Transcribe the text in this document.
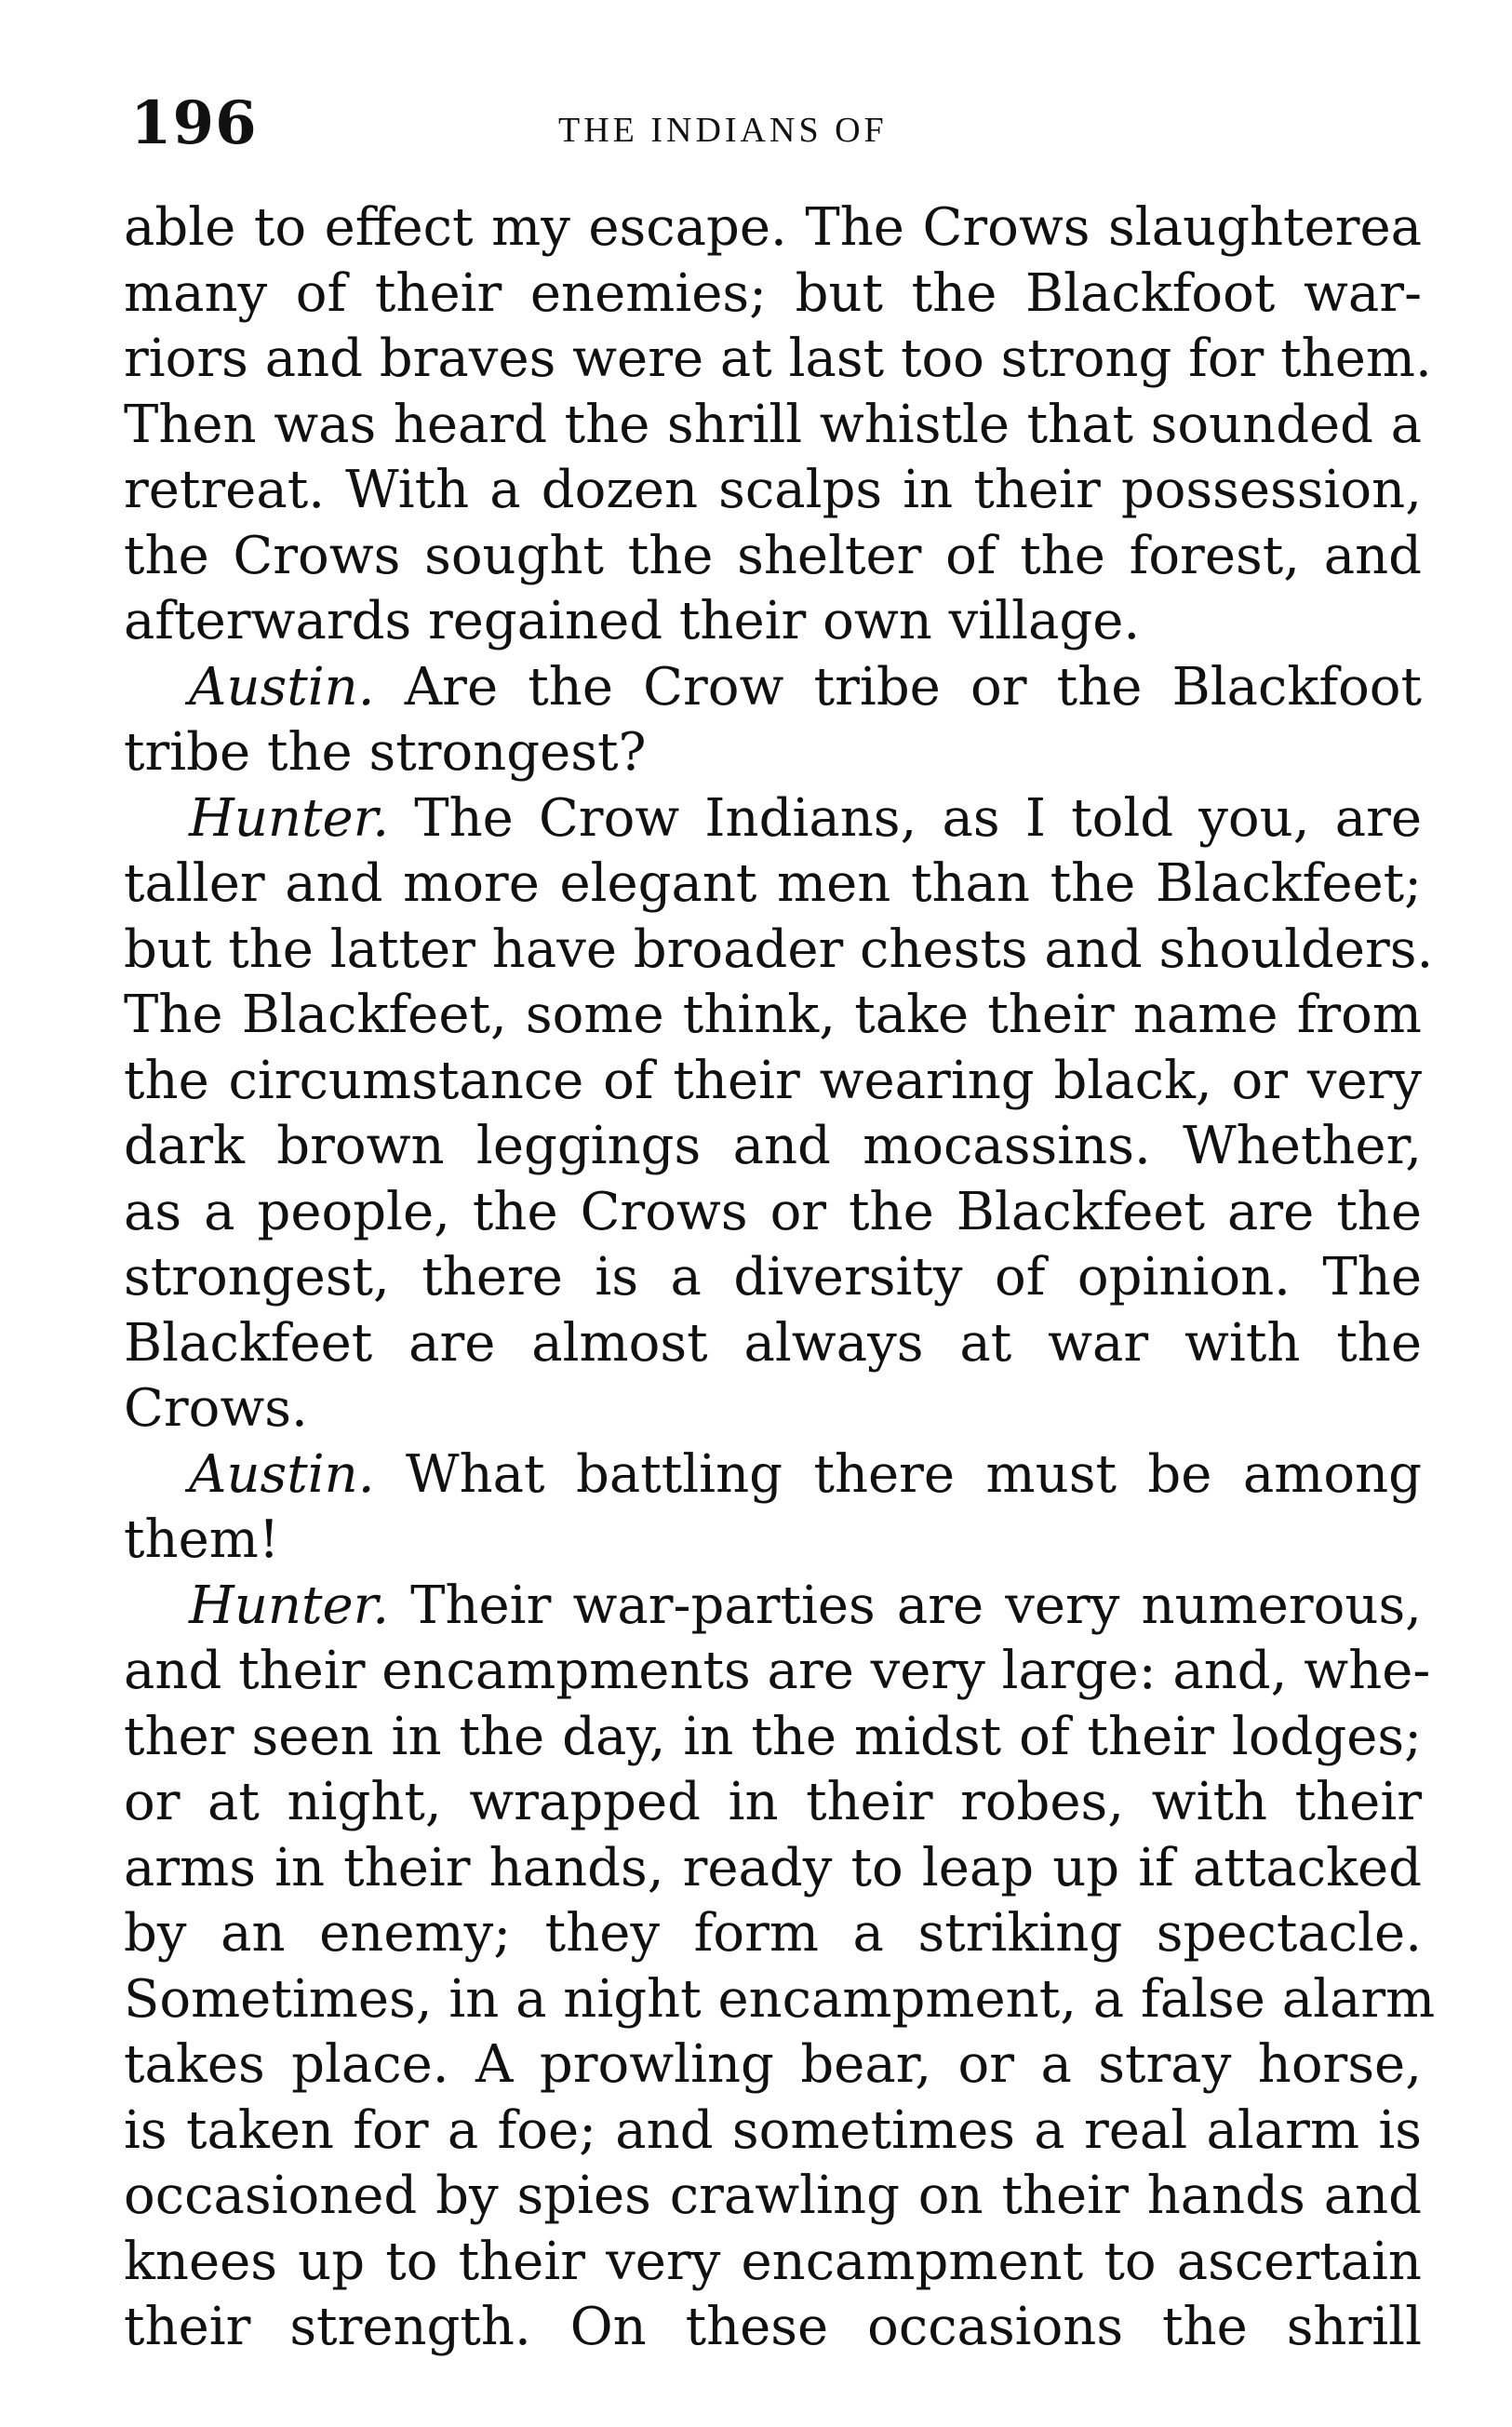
196	THE INDIANS OF
able to effect my escape. The Crows slaughterea
many of their enemies; but the Blackfoot war-
riors and braves were at last too strong for them.
Then was heard the shrill whistle that sounded a
retreat. With a dozen scalps in their possession,
the Crows sought the shelter of the forest, and
afterwards regained their own village.
Austin. Are the Crow tribe or the Blackfoot
tribe the strongest?
Hunter. The Crow Indians, as I told you, are
taller and more elegant men than the Blackfeet;
but the latter have broader chests and shoulders.
The Blackfeet, some think, take their name from
the circumstance of their wearing black, or very
dark brown leggings and mocassins. Whether,
as a people, the Crows or the Blackfeet are the
strongest, there is a diversity of opinion. The
Blackfeet are almost always at war with the
Crows.
Austin. What battling there must be among
them!
Hunter. Their war-parties are very numerous,
and their encampments are very large: and, whe-
ther seen in the day, in the midst of their lodges;
or at night, wrapped in their robes, with their
arms in their hands, ready to leap up if attacked
by an enemy; they form a striking spectacle.
Sometimes, in a night encampment, a false alarm
takes place. A prowling bear, or a stray horse,
is taken for a foe; and sometimes a real alarm is
occasioned by spies crawling on their hands and
knees up to their very encampment to ascertain
their strength. On these occasions the shrill
